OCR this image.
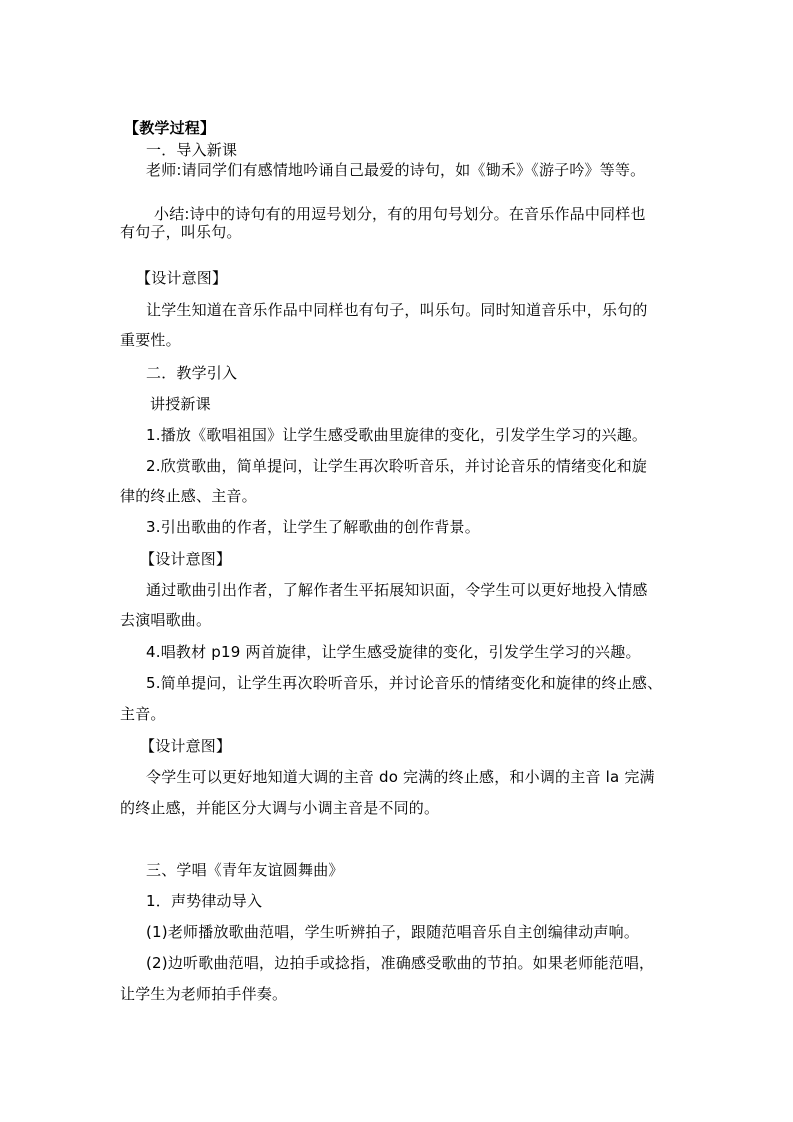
【教学过程】
一．导入新课
老师:请同学们有感情地吟诵自己最爱的诗句，如《锄禾》《游子吟》等等。
小结:诗中的诗句有的用逗号划分，有的用句号划分。在音乐作品中同样也
有句子，叫乐句。
【设计意图】
让学生知道在音乐作品中同样也有句子，叫乐句。同时知道音乐中，乐句的
重要性。
二．教学引入
讲授新课
1.播放《歌唱祖国》让学生感受歌曲里旋律的变化，引发学生学习的兴趣。
2.欣赏歌曲，简单提问，让学生再次聆听音乐，并讨论音乐的情绪变化和旋
律的终止感、主音。
3.引出歌曲的作者，让学生了解歌曲的创作背景。
【设计意图】
通过歌曲引出作者，了解作者生平拓展知识面，令学生可以更好地投入情感
去演唱歌曲。
4.唱教材 p19 两首旋律，让学生感受旋律的变化，引发学生学习的兴趣。
5.简单提问，让学生再次聆听音乐，并讨论音乐的情绪变化和旋律的终止感、
主音。
【设计意图】
令学生可以更好地知道大调的主音 do 完满的终止感，和小调的主音 la 完满
的终止感，并能区分大调与小调主音是不同的。
三、学唱《青年友谊圆舞曲》
1．声势律动导入
(1)老师播放歌曲范唱，学生听辨拍子，跟随范唱音乐自主创编律动声响。
(2)边听歌曲范唱，边拍手或捻指，准确感受歌曲的节拍。如果老师能范唱，
让学生为老师拍手伴奏。
